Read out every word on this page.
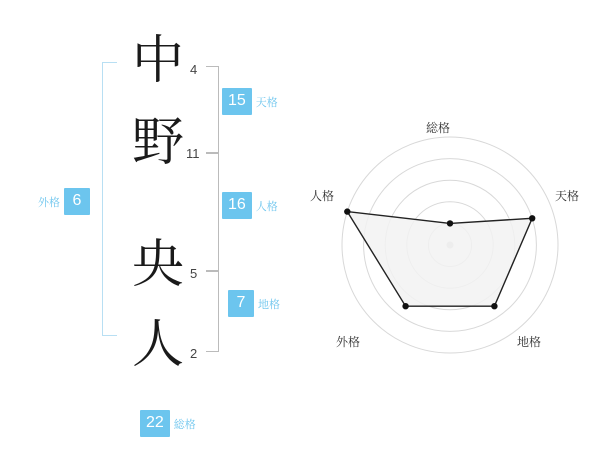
中 4
野 11
央 5
人 2
15 天格
16 人格
7	地格
外格 6
22 総格
総格
天格
地格
外格
人格
